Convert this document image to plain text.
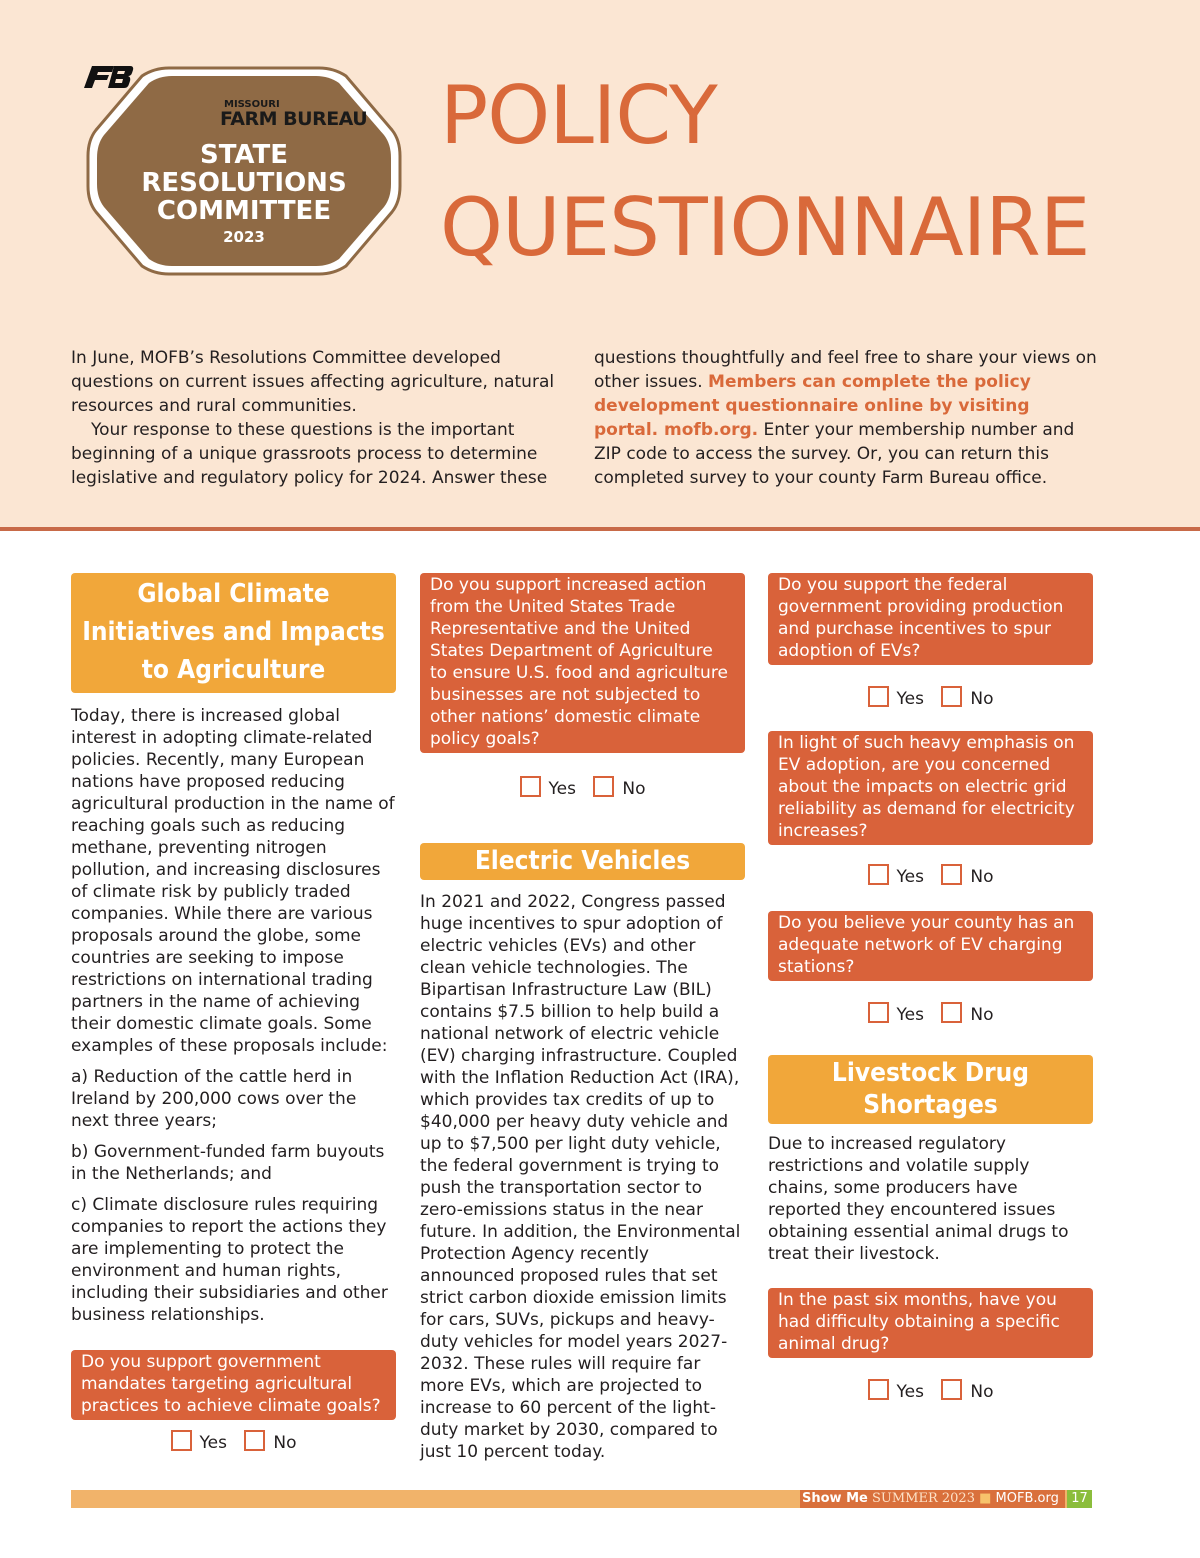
MISSOURI
FARM BUREAU
STATE
RESOLUTIONS
COMMITTEE
2023
POLICY
QUESTIONNAIRE

In June, MOFB’s Resolutions Committee developed questions on current issues affecting agriculture, natural resources and rural communities.

Your response to these questions is the important beginning of a unique grassroots process to determine legislative and regulatory policy for 2024. Answer these

questions thoughtfully and feel free to share your views on other issues. Members can complete the policy development questionnaire online by visiting portal. mofb.org. Enter your membership number and ZIP code to access the survey. Or, you can return this completed survey to your county Farm Bureau office.

Global Climate Initiatives and Impacts to Agriculture

Today, there is increased global interest in adopting climate-related policies. Recently, many European nations have proposed reducing agricultural production in the name of reaching goals such as reducing methane, preventing nitrogen pollution, and increasing disclosures of climate risk by publicly traded companies. While there are various proposals around the globe, some countries are seeking to impose restrictions on international trading partners in the name of achieving their domestic climate goals. Some examples of these proposals include:

a) Reduction of the cattle herd in Ireland by 200,000 cows over the next three years;

b) Government-funded farm buyouts in the Netherlands; and

c) Climate disclosure rules requiring companies to report the actions they are implementing to protect the environment and human rights, including their subsidiaries and other business relationships.

Do you support government mandates targeting agricultural practices to achieve climate goals?
Yes	No
Do you support increased action from the United States Trade Representative and the United States Department of Agriculture to ensure U.S. food and agriculture businesses are not subjected to other nations’ domestic climate policy goals?
Yes	No
Electric Vehicles

In 2021 and 2022, Congress passed huge incentives to spur adoption of electric vehicles (EVs) and other clean vehicle technologies. The Bipartisan Infrastructure Law (BIL) contains $7.5 billion to help build a national network of electric vehicle (EV) charging infrastructure. Coupled with the Inflation Reduction Act (IRA), which provides tax credits of up to $40,000 per heavy duty vehicle and up to $7,500 per light duty vehicle, the federal government is trying to push the transportation sector to zero-emissions status in the near future. In addition, the Environmental Protection Agency recently announced proposed rules that set strict carbon dioxide emission limits for cars, SUVs, pickups and heavy-duty vehicles for model years 2027-2032. These rules will require far more EVs, which are projected to increase to 60 percent of the light-duty market by 2030, compared to just 10 percent today.

Do you support the federal government providing production and purchase incentives to spur adoption of EVs?
Yes	No
In light of such heavy emphasis on EV adoption, are you concerned about the impacts on electric grid reliability as demand for electricity increases?
Yes	No
Do you believe your county has an adequate network of EV charging stations?
Yes	No
Livestock Drug Shortages

Due to increased regulatory restrictions and volatile supply chains, some producers have reported they encountered issues obtaining essential animal drugs to treat their livestock.

In the past six months, have you had difficulty obtaining a specific animal drug?
Yes	No
Show Me SUMMER 2023 ■ MOFB.org 17
